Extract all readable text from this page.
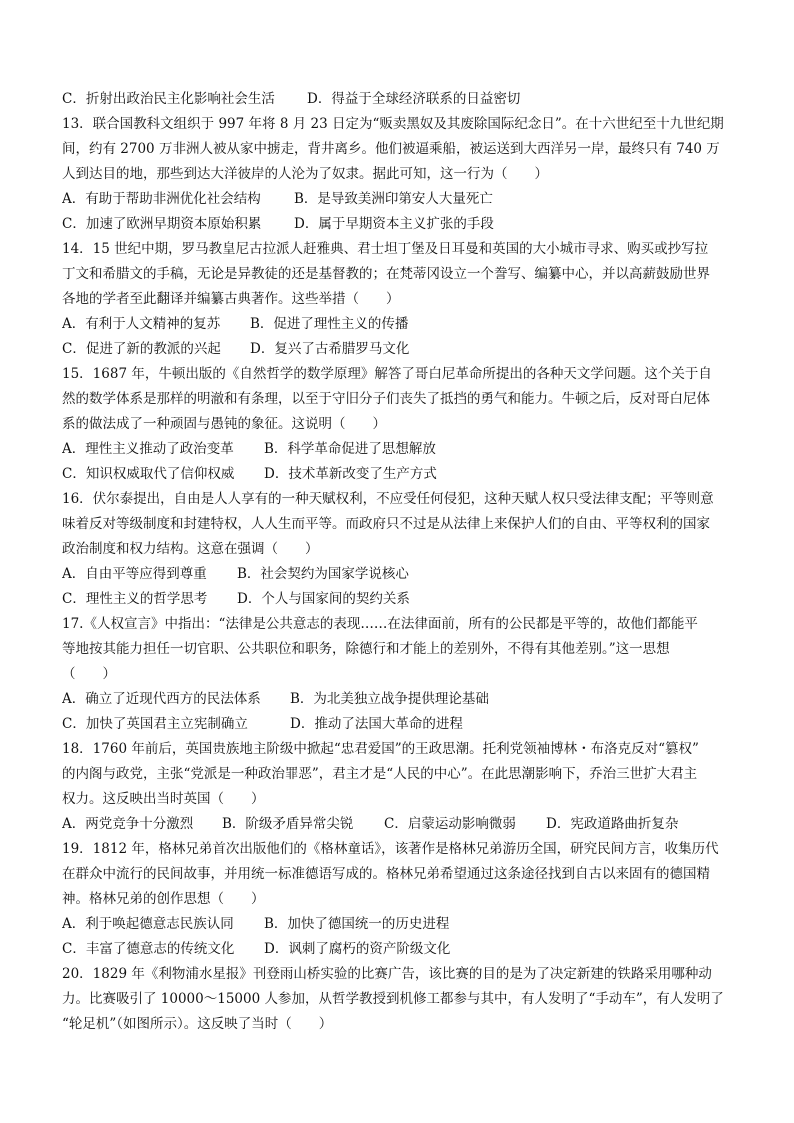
C．折射出政治民主化影响社会生活 D．得益于全球经济联系的日益密切
13．联合国教科文组织于 997 年将 8 月 23 日定为“贩卖黑奴及其废除国际纪念日”。在十六世纪至十九世纪期
间，约有 2700 万非洲人被从家中掳走，背井离乡。他们被逼乘船，被运送到大西洋另一岸，最终只有 740 万
人到达目的地，那些到达大洋彼岸的人沦为了奴隶。据此可知，这一行为（　　）
A．有助于帮助非洲优化社会结构 B．是导致美洲印第安人大量死亡
C．加速了欧洲早期资本原始积累 D．属于早期资本主义扩张的手段
14．15 世纪中期，罗马教皇尼古拉派人赶雅典、君士坦丁堡及日耳曼和英国的大小城市寻求、购买或抄写拉
丁文和希腊文的手稿，无论是异教徒的还是基督教的；在梵蒂冈设立一个誊写、编纂中心，并以高薪鼓励世界
各地的学者至此翻译并编纂古典著作。这些举措（　　）
A．有利于人文精神的复苏 B．促进了理性主义的传播
C．促进了新的教派的兴起 D．复兴了古希腊罗马文化
15．1687 年，牛顿出版的《自然哲学的数学原理》解答了哥白尼革命所提出的各种天文学问题。这个关于自
然的数学体系是那样的明澈和有条理，以至于守旧分子们丧失了抵挡的勇气和能力。牛顿之后，反对哥白尼体
系的做法成了一种顽固与愚钝的象征。这说明（　　）
A．理性主义推动了政治变革 B．科学革命促进了思想解放
C．知识权威取代了信仰权威 D．技术革新改变了生产方式
16．伏尔泰提出，自由是人人享有的一种天赋权利，不应受任何侵犯，这种天赋人权只受法律支配；平等则意
味着反对等级制度和封建特权，人人生而平等。而政府只不过是从法律上来保护人们的自由、平等权利的国家
政治制度和权力结构。这意在强调（　　）
A．自由平等应得到尊重 B．社会契约为国家学说核心
C．理性主义的哲学思考 D．个人与国家间的契约关系
17.《人权宣言》中指出：“法律是公共意志的表现……在法律面前，所有的公民都是平等的，故他们都能平
等地按其能力担任一切官职、公共职位和职务，除德行和才能上的差别外，不得有其他差别。”这一思想
（　　）
A．确立了近现代西方的民法体系 B．为北美独立战争提供理论基础
C．加快了英国君主立宪制确立	D．推动了法国大革命的进程
18．1760 年前后，英国贵族地主阶级中掀起“忠君爱国”的王政思潮。托利党领袖博林・布洛克反对“篡权”
的内阁与政党，主张“党派是一种政治罪恶”，君主才是“人民的中心”。在此思潮影响下，乔治三世扩大君主
权力。这反映出当时英国（　　）
A．两党竞争十分激烈 B．阶级矛盾异常尖锐 C．启蒙运动影响微弱 D．宪政道路曲折复杂
19．1812 年，格林兄弟首次出版他们的《格林童话》，该著作是格林兄弟游历全国，研究民间方言，收集历代
在群众中流行的民间故事，并用统一标准德语写成的。格林兄弟希望通过这条途径找到自古以来固有的德国精
神。格林兄弟的创作思想（　　）
A．利于唤起德意志民族认同 B．加快了德国统一的历史进程
C．丰富了德意志的传统文化 D．讽刺了腐朽的资产阶级文化
20．1829 年《利物浦水星报》刊登雨山桥实验的比赛广告，该比赛的目的是为了决定新建的铁路采用哪种动
力。比赛吸引了 10000～15000 人参加，从哲学教授到机修工都参与其中，有人发明了“手动车”，有人发明了
“轮足机”（如图所示）。这反映了当时（　　）
